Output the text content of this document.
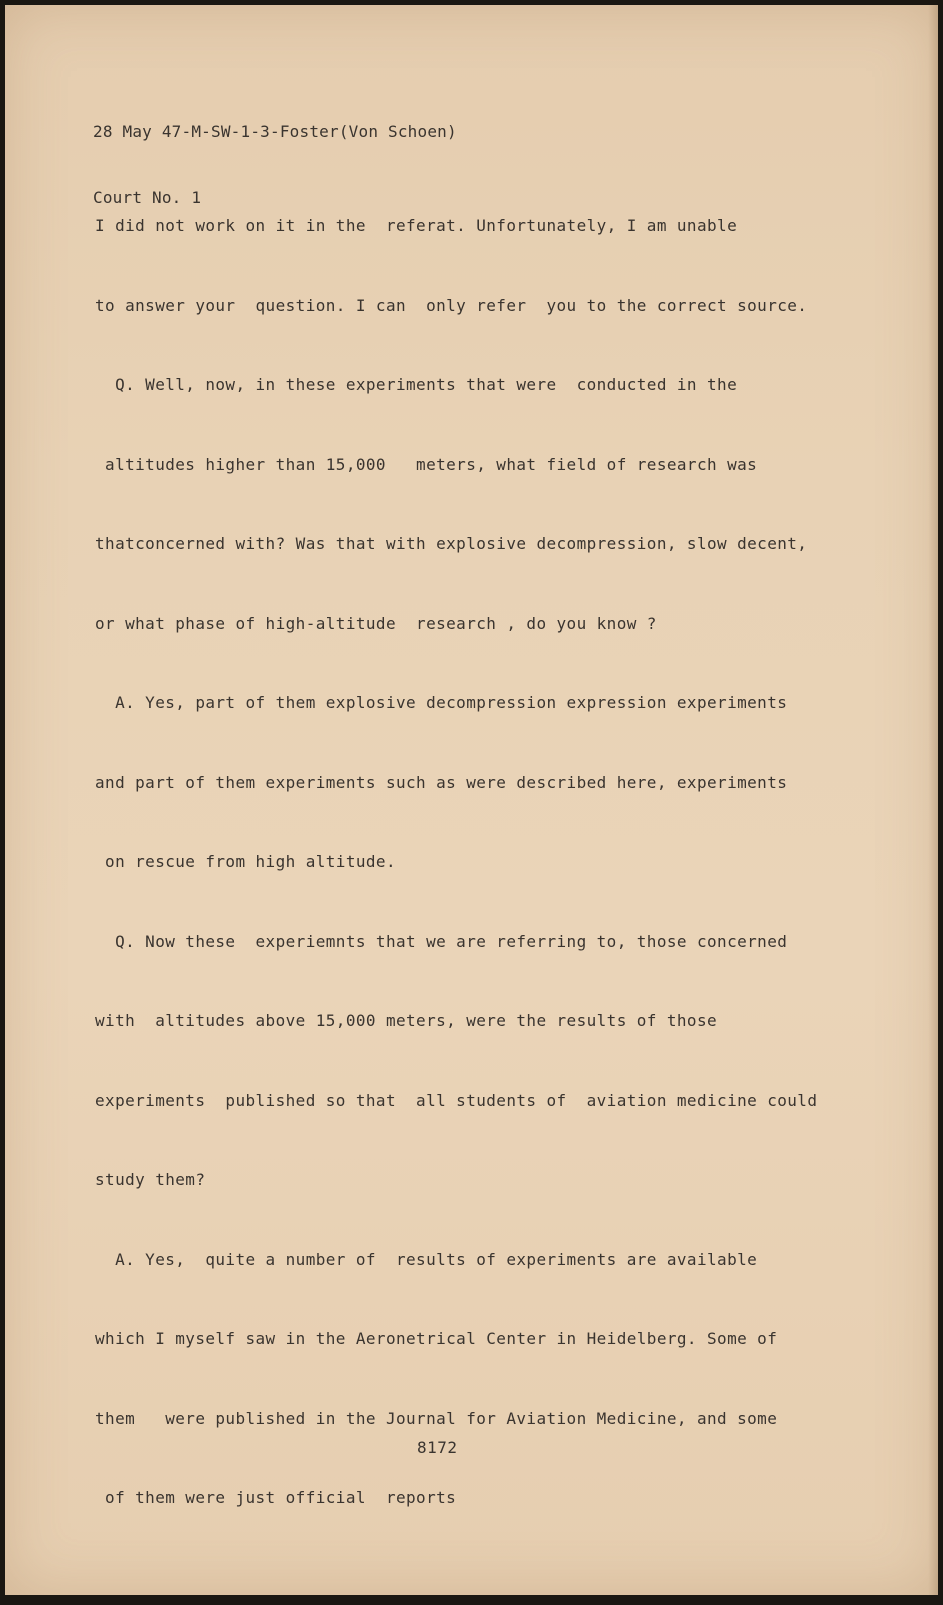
28 May 47-M-SW-1-3-Foster(Von Schoen)

Court No. 1

I did not work on it in the  referat. Unfortunately, I am unable

to answer your  question. I can  only refer  you to the correct source.

Q. Well, now, in these experiments that were  conducted in the

altitudes higher than 15,000   meters, what field of research was

thatconcerned with? Was that with explosive decompression, slow decent,

or what phase of high-altitude  research , do you know ?

A. Yes, part of them explosive decompression expression experiments

and part of them experiments such as were described here, experiments

on rescue from high altitude.

Q. Now these  experiemnts that we are referring to, those concerned

with  altitudes above 15,000 meters, were the results of those

experiments  published so that  all students of  aviation medicine could

study them?

A. Yes,  quite a number of  results of experiments are available

which I myself saw in the Aeronetrical Center in Heidelberg. Some of

them   were published in the Journal for Aviation Medicine, and some

of them were just official  reports

8172
